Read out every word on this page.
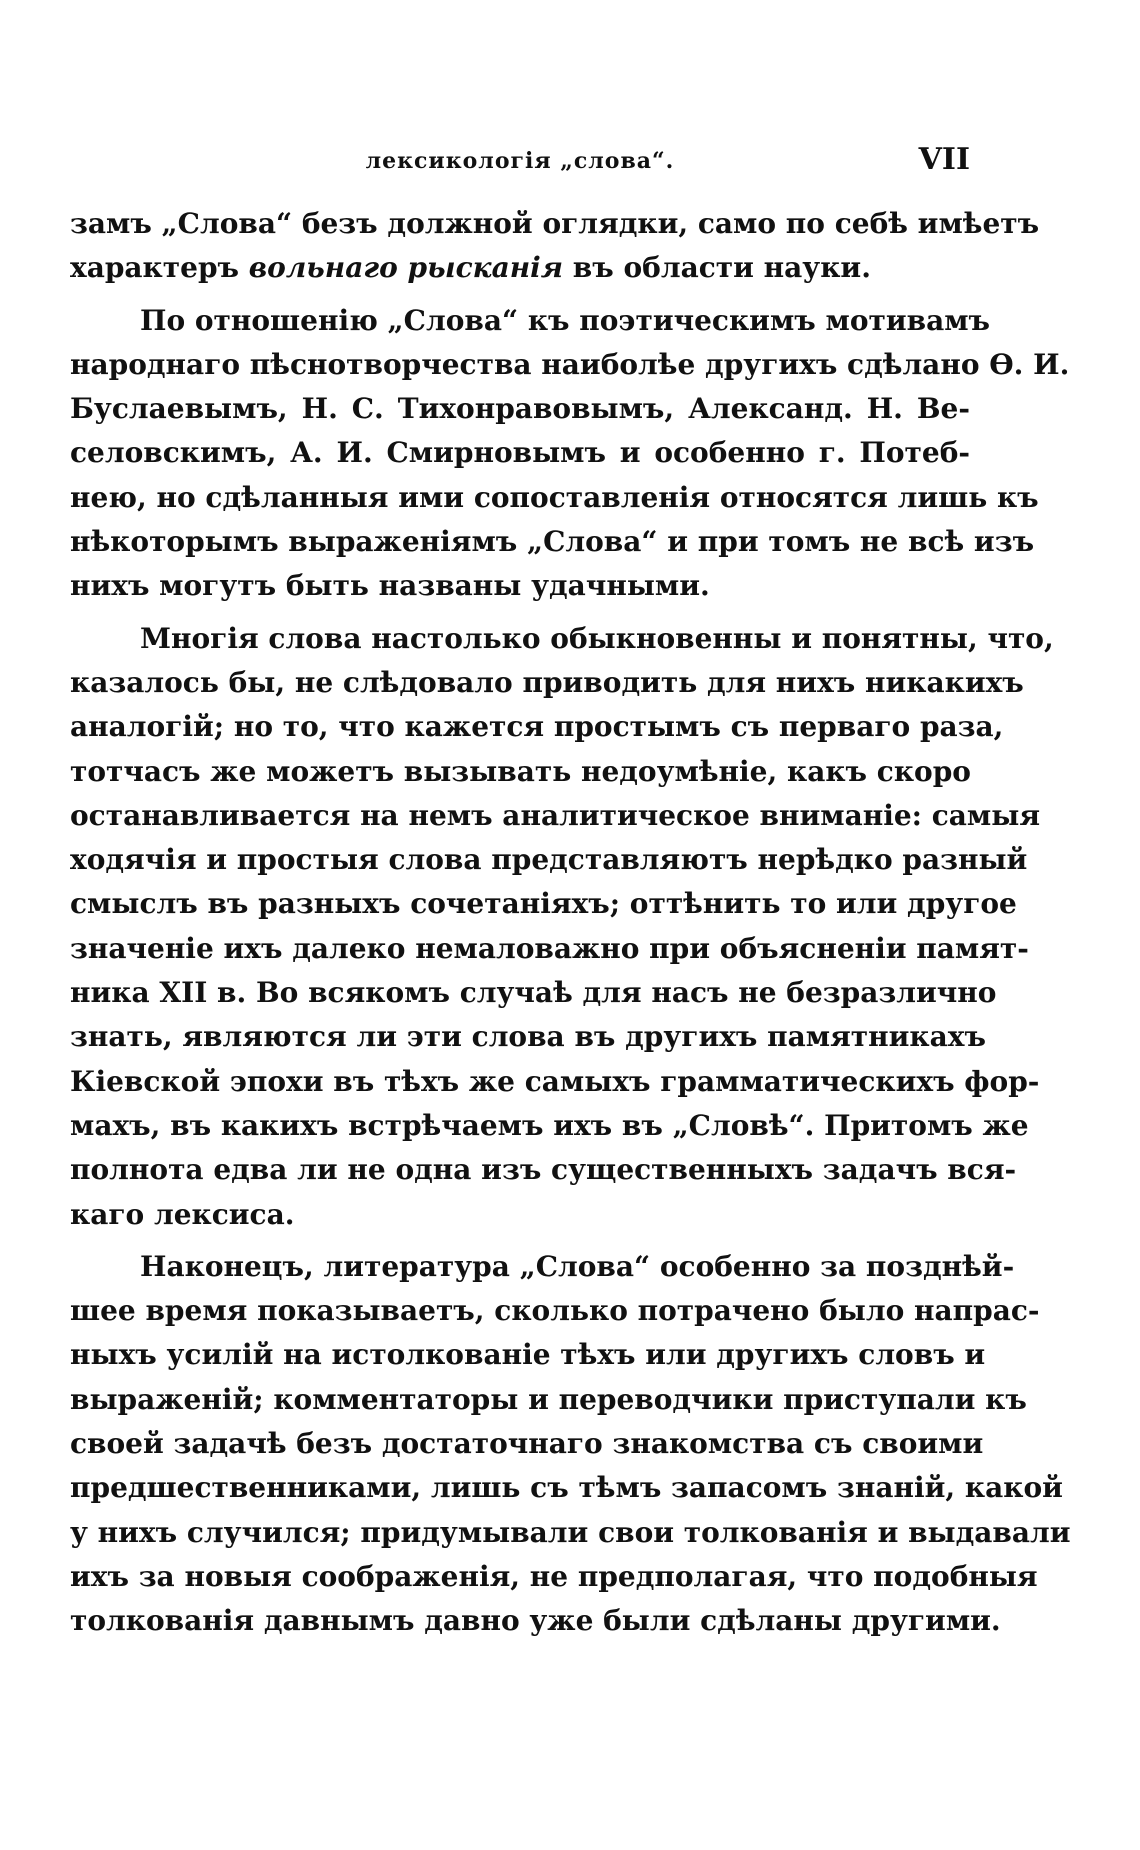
лексикологія „слова“.	VII
замъ „Слова“ безъ должной оглядки, само по себѣ имѣетъ
характеръ вольнаго рысканія въ области науки.
По отношенію „Слова“ къ поэтическимъ мотивамъ
народнаго пѣснотворчества наиболѣе другихъ сдѣлано Ѳ. И.
Буслаевымъ, Н. С. Тихонравовымъ, Александ. Н. Ве-
селовскимъ, А. И. Смирновымъ и особенно г. Потеб-
нею, но сдѣланныя ими сопоставленія относятся лишь къ
нѣкоторымъ выраженіямъ „Слова“ и при томъ не всѣ изъ
нихъ могутъ быть названы удачными.
Многія слова настолько обыкновенны и понятны, что,
казалось бы, не слѣдовало приводить для нихъ никакихъ
аналогій; но то, что кажется простымъ съ перваго раза,
тотчасъ же можетъ вызывать недоумѣніе, какъ скоро
останавливается на немъ аналитическое вниманіе: самыя
ходячія и простыя слова представляютъ нерѣдко разный
смыслъ въ разныхъ сочетаніяхъ; оттѣнить то или другое
значеніе ихъ далеко немаловажно при объясненіи памят-
ника XII в. Во всякомъ случаѣ для насъ не безразлично
знать, являются ли эти слова въ другихъ памятникахъ
Кіевской эпохи въ тѣхъ же самыхъ грамматическихъ фор-
махъ, въ какихъ встрѣчаемъ ихъ въ „Словѣ“. Притомъ же
полнота едва ли не одна изъ существенныхъ задачъ вся-
каго лексиса.
Наконецъ, литература „Слова“ особенно за позднѣй-
шее время показываетъ, сколько потрачено было напрас-
ныхъ усилій на истолкованіе тѣхъ или другихъ словъ и
выраженій; комментаторы и переводчики приступали къ
своей задачѣ безъ достаточнаго знакомства съ своими
предшественниками, лишь съ тѣмъ запасомъ знаній, какой
у нихъ случился; придумывали свои толкованія и выдавали
ихъ за новыя соображенія, не предполагая, что подобныя
толкованія давнымъ давно уже были сдѣланы другими.
